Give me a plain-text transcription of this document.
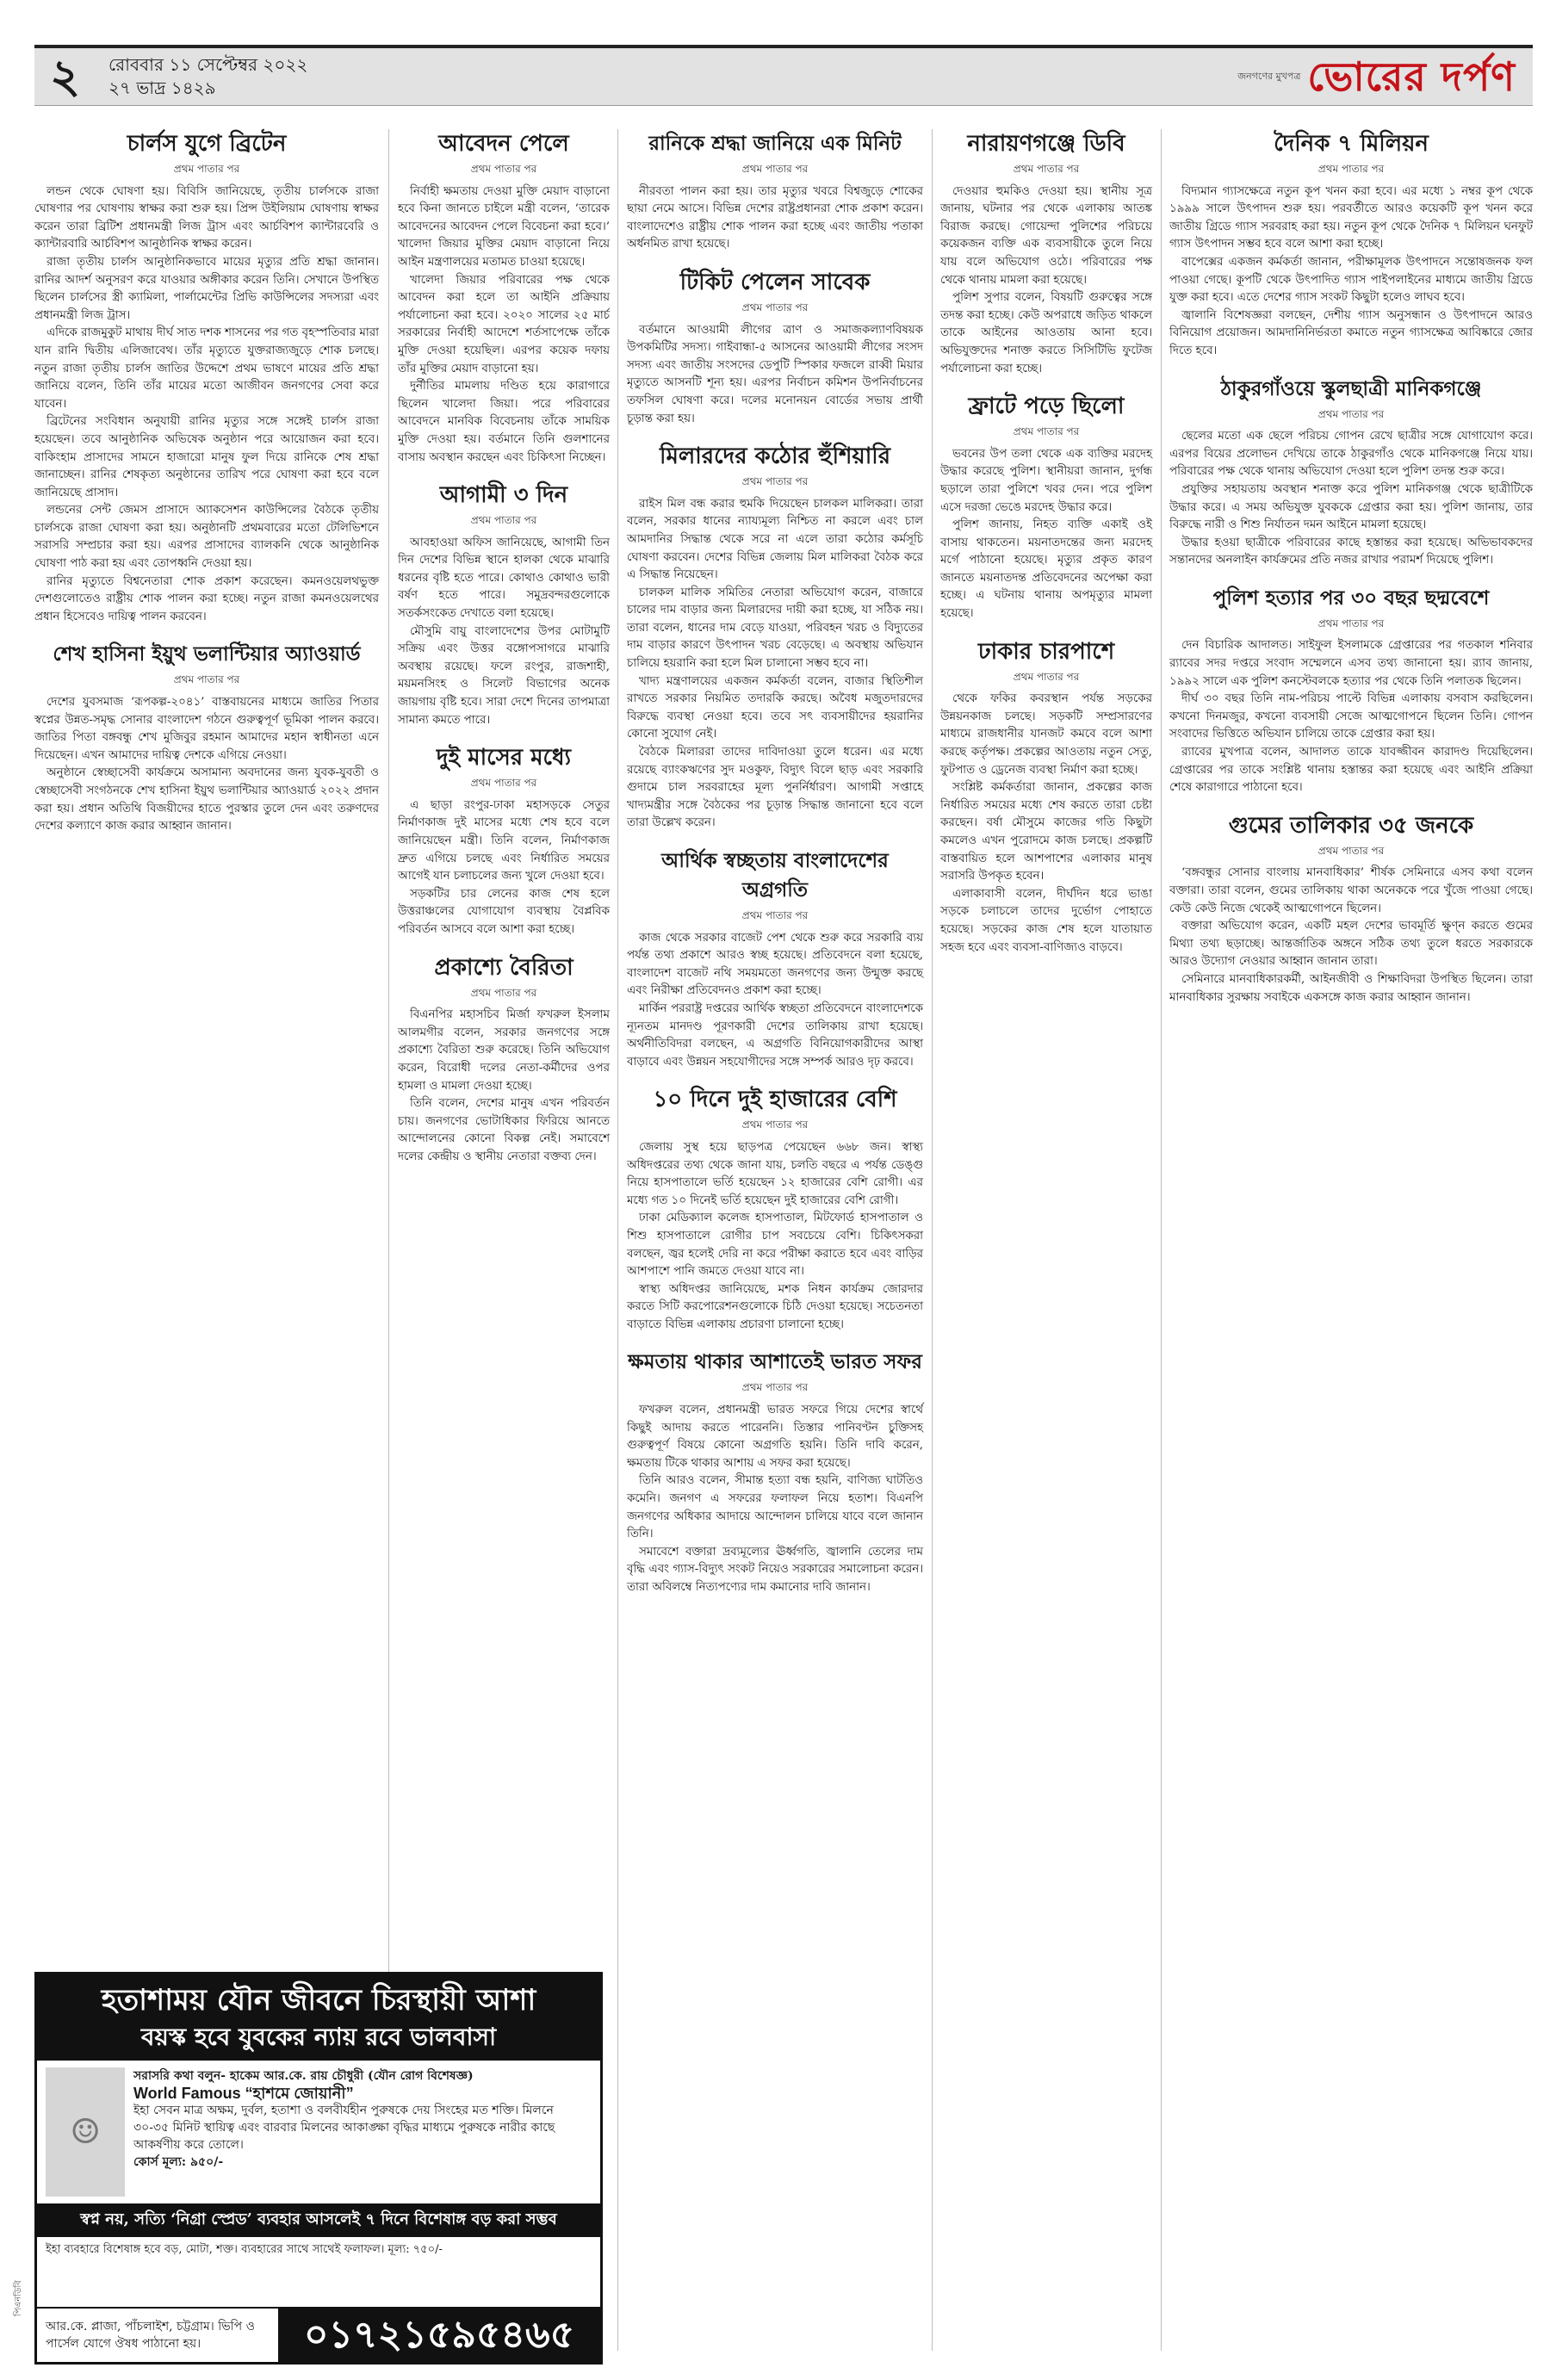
২ রোববার ১১ সেপ্টেম্বর ২০২২
২৭ ভাদ্র ১৪২৯
জনগণের মুখপত্র ভোরের দর্পণ
চার্লস যুগে ব্রিটেন
প্রথম পাতার পর

লন্ডন থেকে ঘোষণা হয়। বিবিসি জানিয়েছে, তৃতীয় চার্লসকে রাজা ঘোষণার পর ঘোষণায় স্বাক্ষর করা শুরু হয়। প্রিন্স উইলিয়াম ঘোষণায় স্বাক্ষর করেন তারা ব্রিটিশ প্রধানমন্ত্রী লিজ ট্রাস এবং আর্চবিশপ ক্যান্টারবেরি ও ক্যান্টারবারি আর্চবিশপ আনুষ্ঠানিক স্বাক্ষর করেন।

রাজা তৃতীয় চার্লস আনুষ্ঠানিকভাবে মায়ের মৃত্যুর প্রতি শ্রদ্ধা জানান। রানির আদর্শ অনুসরণ করে যাওয়ার অঙ্গীকার করেন তিনি। সেখানে উপস্থিত ছিলেন চার্লসের স্ত্রী ক্যামিলা, পার্লামেন্টের প্রিভি কাউন্সিলের সদস্যরা এবং প্রধানমন্ত্রী লিজ ট্রাস।

এদিকে রাজমুকুট মাথায় দীর্ঘ সাত দশক শাসনের পর গত বৃহস্পতিবার মারা যান রানি দ্বিতীয় এলিজাবেথ। তাঁর মৃত্যুতে যুক্তরাজ্যজুড়ে শোক চলছে। নতুন রাজা তৃতীয় চার্লস জাতির উদ্দেশে প্রথম ভাষণে মায়ের প্রতি শ্রদ্ধা জানিয়ে বলেন, তিনি তাঁর মায়ের মতো আজীবন জনগণের সেবা করে যাবেন।

ব্রিটেনের সংবিধান অনুযায়ী রানির মৃত্যুর সঙ্গে সঙ্গেই চার্লস রাজা হয়েছেন। তবে আনুষ্ঠানিক অভিষেক অনুষ্ঠান পরে আয়োজন করা হবে। বাকিংহাম প্রাসাদের সামনে হাজারো মানুষ ফুল দিয়ে রানিকে শেষ শ্রদ্ধা জানাচ্ছেন। রানির শেষকৃত্য অনুষ্ঠানের তারিখ পরে ঘোষণা করা হবে বলে জানিয়েছে প্রাসাদ।

লন্ডনের সেন্ট জেমস প্রাসাদে অ্যাকসেশন কাউন্সিলের বৈঠকে তৃতীয় চার্লসকে রাজা ঘোষণা করা হয়। অনুষ্ঠানটি প্রথমবারের মতো টেলিভিশনে সরাসরি সম্প্রচার করা হয়। এরপর প্রাসাদের ব্যালকনি থেকে আনুষ্ঠানিক ঘোষণা পাঠ করা হয় এবং তোপধ্বনি দেওয়া হয়।

রানির মৃত্যুতে বিশ্বনেতারা শোক প্রকাশ করেছেন। কমনওয়েলথভুক্ত দেশগুলোতেও রাষ্ট্রীয় শোক পালন করা হচ্ছে। নতুন রাজা কমনওয়েলথের প্রধান হিসেবেও দায়িত্ব পালন করবেন।

শেখ হাসিনা ইয়ুথ ভলান্টিয়ার অ্যাওয়ার্ড
প্রথম পাতার পর

দেশের যুবসমাজ ‘রূপকল্প-২০৪১’ বাস্তবায়নের মাধ্যমে জাতির পিতার স্বপ্নের উন্নত-সমৃদ্ধ সোনার বাংলাদেশ গঠনে গুরুত্বপূর্ণ ভূমিকা পালন করবে। জাতির পিতা বঙ্গবন্ধু শেখ মুজিবুর রহমান আমাদের মহান স্বাধীনতা এনে দিয়েছেন। এখন আমাদের দায়িত্ব দেশকে এগিয়ে নেওয়া।

অনুষ্ঠানে স্বেচ্ছাসেবী কার্যক্রমে অসামান্য অবদানের জন্য যুবক-যুবতী ও স্বেচ্ছাসেবী সংগঠনকে শেখ হাসিনা ইয়ুথ ভলান্টিয়ার অ্যাওয়ার্ড ২০২২ প্রদান করা হয়। প্রধান অতিথি বিজয়ীদের হাতে পুরস্কার তুলে দেন এবং তরুণদের দেশের কল্যাণে কাজ করার আহ্বান জানান।

আবেদন পেলে
প্রথম পাতার পর

নির্বাহী ক্ষমতায় দেওয়া মুক্তি মেয়াদ বাড়ানো হবে কিনা জানতে চাইলে মন্ত্রী বলেন, ‘তারেক আবেদনের আবেদন পেলে বিবেচনা করা হবে।’ খালেদা জিয়ার মুক্তির মেয়াদ বাড়ানো নিয়ে আইন মন্ত্রণালয়ের মতামত চাওয়া হয়েছে।

খালেদা জিয়ার পরিবারের পক্ষ থেকে আবেদন করা হলে তা আইনি প্রক্রিয়ায় পর্যালোচনা করা হবে। ২০২০ সালের ২৫ মার্চ সরকারের নির্বাহী আদেশে শর্তসাপেক্ষে তাঁকে মুক্তি দেওয়া হয়েছিল। এরপর কয়েক দফায় তাঁর মুক্তির মেয়াদ বাড়ানো হয়।

দুর্নীতির মামলায় দণ্ডিত হয়ে কারাগারে ছিলেন খালেদা জিয়া। পরে পরিবারের আবেদনে মানবিক বিবেচনায় তাঁকে সাময়িক মুক্তি দেওয়া হয়। বর্তমানে তিনি গুলশানের বাসায় অবস্থান করছেন এবং চিকিৎসা নিচ্ছেন।

আগামী ৩ দিন
প্রথম পাতার পর

আবহাওয়া অফিস জানিয়েছে, আগামী তিন দিন দেশের বিভিন্ন স্থানে হালকা থেকে মাঝারি ধরনের বৃষ্টি হতে পারে। কোথাও কোথাও ভারী বর্ষণ হতে পারে। সমুদ্রবন্দরগুলোকে সতর্কসংকেত দেখাতে বলা হয়েছে।

মৌসুমি বায়ু বাংলাদেশের উপর মোটামুটি সক্রিয় এবং উত্তর বঙ্গোপসাগরে মাঝারি অবস্থায় রয়েছে। ফলে রংপুর, রাজশাহী, ময়মনসিংহ ও সিলেট বিভাগের অনেক জায়গায় বৃষ্টি হবে। সারা দেশে দিনের তাপমাত্রা সামান্য কমতে পারে।

দুই মাসের মধ্যে
প্রথম পাতার পর

এ ছাড়া রংপুর-ঢাকা মহাসড়কে সেতুর নির্মাণকাজ দুই মাসের মধ্যে শেষ হবে বলে জানিয়েছেন মন্ত্রী। তিনি বলেন, নির্মাণকাজ দ্রুত এগিয়ে চলছে এবং নির্ধারিত সময়ের আগেই যান চলাচলের জন্য খুলে দেওয়া হবে।

সড়কটির চার লেনের কাজ শেষ হলে উত্তরাঞ্চলের যোগাযোগ ব্যবস্থায় বৈপ্লবিক পরিবর্তন আসবে বলে আশা করা হচ্ছে।

প্রকাশ্যে বৈরিতা
প্রথম পাতার পর

বিএনপির মহাসচিব মির্জা ফখরুল ইসলাম আলমগীর বলেন, সরকার জনগণের সঙ্গে প্রকাশ্যে বৈরিতা শুরু করেছে। তিনি অভিযোগ করেন, বিরোধী দলের নেতা-কর্মীদের ওপর হামলা ও মামলা দেওয়া হচ্ছে।

তিনি বলেন, দেশের মানুষ এখন পরিবর্তন চায়। জনগণের ভোটাধিকার ফিরিয়ে আনতে আন্দোলনের কোনো বিকল্প নেই। সমাবেশে দলের কেন্দ্রীয় ও স্থানীয় নেতারা বক্তব্য দেন।

রানিকে শ্রদ্ধা জানিয়ে এক মিনিট
প্রথম পাতার পর

নীরবতা পালন করা হয়। তার মৃত্যুর খবরে বিশ্বজুড়ে শোকের ছায়া নেমে আসে। বিভিন্ন দেশের রাষ্ট্রপ্রধানরা শোক প্রকাশ করেন। বাংলাদেশেও রাষ্ট্রীয় শোক পালন করা হচ্ছে এবং জাতীয় পতাকা অর্ধনমিত রাখা হয়েছে।

টিকিট পেলেন সাবেক
প্রথম পাতার পর

বর্তমানে আওয়ামী লীগের ত্রাণ ও সমাজকল্যাণবিষয়ক উপকমিটির সদস্য। গাইবান্ধা-৫ আসনের আওয়ামী লীগের সংসদ সদস্য এবং জাতীয় সংসদের ডেপুটি স্পিকার ফজলে রাব্বী মিয়ার মৃত্যুতে আসনটি শূন্য হয়। এরপর নির্বাচন কমিশন উপনির্বাচনের তফসিল ঘোষণা করে। দলের মনোনয়ন বোর্ডের সভায় প্রার্থী চূড়ান্ত করা হয়।

মিলারদের কঠোর হুঁশিয়ারি
প্রথম পাতার পর

রাইস মিল বন্ধ করার হুমকি দিয়েছেন চালকল মালিকরা। তারা বলেন, সরকার ধানের ন্যায্যমূল্য নিশ্চিত না করলে এবং চাল আমদানির সিদ্ধান্ত থেকে সরে না এলে তারা কঠোর কর্মসূচি ঘোষণা করবেন। দেশের বিভিন্ন জেলায় মিল মালিকরা বৈঠক করে এ সিদ্ধান্ত নিয়েছেন।

চালকল মালিক সমিতির নেতারা অভিযোগ করেন, বাজারে চালের দাম বাড়ার জন্য মিলারদের দায়ী করা হচ্ছে, যা সঠিক নয়। তারা বলেন, ধানের দাম বেড়ে যাওয়া, পরিবহন খরচ ও বিদ্যুতের দাম বাড়ার কারণে উৎপাদন খরচ বেড়েছে। এ অবস্থায় অভিযান চালিয়ে হয়রানি করা হলে মিল চালানো সম্ভব হবে না।

খাদ্য মন্ত্রণালয়ের একজন কর্মকর্তা বলেন, বাজার স্থিতিশীল রাখতে সরকার নিয়মিত তদারকি করছে। অবৈধ মজুতদারদের বিরুদ্ধে ব্যবস্থা নেওয়া হবে। তবে সৎ ব্যবসায়ীদের হয়রানির কোনো সুযোগ নেই।

বৈঠকে মিলাররা তাদের দাবিদাওয়া তুলে ধরেন। এর মধ্যে রয়েছে ব্যাংকঋণের সুদ মওকুফ, বিদ্যুৎ বিলে ছাড় এবং সরকারি গুদামে চাল সরবরাহের মূল্য পুনর্নির্ধারণ। আগামী সপ্তাহে খাদ্যমন্ত্রীর সঙ্গে বৈঠকের পর চূড়ান্ত সিদ্ধান্ত জানানো হবে বলে তারা উল্লেখ করেন।

আর্থিক স্বচ্ছতায় বাংলাদেশের অগ্রগতি
প্রথম পাতার পর

কাজ থেকে সরকার বাজেট পেশ থেকে শুরু করে সরকারি ব্যয় পর্যন্ত তথ্য প্রকাশে আরও স্বচ্ছ হয়েছে। প্রতিবেদনে বলা হয়েছে, বাংলাদেশ বাজেট নথি সময়মতো জনগণের জন্য উন্মুক্ত করছে এবং নিরীক্ষা প্রতিবেদনও প্রকাশ করা হচ্ছে।

মার্কিন পররাষ্ট্র দপ্তরের আর্থিক স্বচ্ছতা প্রতিবেদনে বাংলাদেশকে ন্যূনতম মানদণ্ড পূরণকারী দেশের তালিকায় রাখা হয়েছে। অর্থনীতিবিদরা বলছেন, এ অগ্রগতি বিনিয়োগকারীদের আস্থা বাড়াবে এবং উন্নয়ন সহযোগীদের সঙ্গে সম্পর্ক আরও দৃঢ় করবে।

১০ দিনে দুই হাজারের বেশি
প্রথম পাতার পর

জেলায় সুস্থ হয়ে ছাড়পত্র পেয়েছেন ৬৬৮ জন। স্বাস্থ্য অধিদপ্তরের তথ্য থেকে জানা যায়, চলতি বছরে এ পর্যন্ত ডেঙ্গু নিয়ে হাসপাতালে ভর্তি হয়েছেন ১২ হাজারের বেশি রোগী। এর মধ্যে গত ১০ দিনেই ভর্তি হয়েছেন দুই হাজারের বেশি রোগী।

ঢাকা মেডিক্যাল কলেজ হাসপাতাল, মিটফোর্ড হাসপাতাল ও শিশু হাসপাতালে রোগীর চাপ সবচেয়ে বেশি। চিকিৎসকরা বলছেন, জ্বর হলেই দেরি না করে পরীক্ষা করাতে হবে এবং বাড়ির আশপাশে পানি জমতে দেওয়া যাবে না।

স্বাস্থ্য অধিদপ্তর জানিয়েছে, মশক নিধন কার্যক্রম জোরদার করতে সিটি করপোরেশনগুলোকে চিঠি দেওয়া হয়েছে। সচেতনতা বাড়াতে বিভিন্ন এলাকায় প্রচারণা চালানো হচ্ছে।

ক্ষমতায় থাকার আশাতেই ভারত সফর
প্রথম পাতার পর

ফখরুল বলেন, প্রধানমন্ত্রী ভারত সফরে গিয়ে দেশের স্বার্থে কিছুই আদায় করতে পারেননি। তিস্তার পানিবণ্টন চুক্তিসহ গুরুত্বপূর্ণ বিষয়ে কোনো অগ্রগতি হয়নি। তিনি দাবি করেন, ক্ষমতায় টিকে থাকার আশায় এ সফর করা হয়েছে।

তিনি আরও বলেন, সীমান্ত হত্যা বন্ধ হয়নি, বাণিজ্য ঘাটতিও কমেনি। জনগণ এ সফরের ফলাফল নিয়ে হতাশ। বিএনপি জনগণের অধিকার আদায়ে আন্দোলন চালিয়ে যাবে বলে জানান তিনি।

সমাবেশে বক্তারা দ্রব্যমূল্যের ঊর্ধ্বগতি, জ্বালানি তেলের দাম বৃদ্ধি এবং গ্যাস-বিদ্যুৎ সংকট নিয়েও সরকারের সমালোচনা করেন। তারা অবিলম্বে নিত্যপণ্যের দাম কমানোর দাবি জানান।

নারায়ণগঞ্জে ডিবি
প্রথম পাতার পর

দেওয়ার হুমকিও দেওয়া হয়। স্থানীয় সূত্র জানায়, ঘটনার পর থেকে এলাকায় আতঙ্ক বিরাজ করছে। গোয়েন্দা পুলিশের পরিচয়ে কয়েকজন ব্যক্তি এক ব্যবসায়ীকে তুলে নিয়ে যায় বলে অভিযোগ ওঠে। পরিবারের পক্ষ থেকে থানায় মামলা করা হয়েছে।

পুলিশ সুপার বলেন, বিষয়টি গুরুত্বের সঙ্গে তদন্ত করা হচ্ছে। কেউ অপরাধে জড়িত থাকলে তাকে আইনের আওতায় আনা হবে। অভিযুক্তদের শনাক্ত করতে সিসিটিভি ফুটেজ পর্যালোচনা করা হচ্ছে।

ফ্রাটে পড়ে ছিলো
প্রথম পাতার পর

ভবনের উপ তলা থেকে এক ব্যক্তির মরদেহ উদ্ধার করেছে পুলিশ। স্থানীয়রা জানান, দুর্গন্ধ ছড়ালে তারা পুলিশে খবর দেন। পরে পুলিশ এসে দরজা ভেঙে মরদেহ উদ্ধার করে।

পুলিশ জানায়, নিহত ব্যক্তি একাই ওই বাসায় থাকতেন। ময়নাতদন্তের জন্য মরদেহ মর্গে পাঠানো হয়েছে। মৃত্যুর প্রকৃত কারণ জানতে ময়নাতদন্ত প্রতিবেদনের অপেক্ষা করা হচ্ছে। এ ঘটনায় থানায় অপমৃত্যুর মামলা হয়েছে।

ঢাকার চারপাশে
প্রথম পাতার পর

থেকে ফকির কবরস্থান পর্যন্ত সড়কের উন্নয়নকাজ চলছে। সড়কটি সম্প্রসারণের মাধ্যমে রাজধানীর যানজট কমবে বলে আশা করছে কর্তৃপক্ষ। প্রকল্পের আওতায় নতুন সেতু, ফুটপাত ও ড্রেনেজ ব্যবস্থা নির্মাণ করা হচ্ছে।

সংশ্লিষ্ট কর্মকর্তারা জানান, প্রকল্পের কাজ নির্ধারিত সময়ের মধ্যে শেষ করতে তারা চেষ্টা করছেন। বর্ষা মৌসুমে কাজের গতি কিছুটা কমলেও এখন পুরোদমে কাজ চলছে। প্রকল্পটি বাস্তবায়িত হলে আশপাশের এলাকার মানুষ সরাসরি উপকৃত হবেন।

এলাকাবাসী বলেন, দীর্ঘদিন ধরে ভাঙা সড়কে চলাচলে তাদের দুর্ভোগ পোহাতে হয়েছে। সড়কের কাজ শেষ হলে যাতায়াত সহজ হবে এবং ব্যবসা-বাণিজ্যও বাড়বে।

দৈনিক ৭ মিলিয়ন
প্রথম পাতার পর

বিদ্যমান গ্যাসক্ষেত্রে নতুন কূপ খনন করা হবে। এর মধ্যে ১ নম্বর কূপ থেকে ১৯৯৯ সালে উৎপাদন শুরু হয়। পরবর্তীতে আরও কয়েকটি কূপ খনন করে জাতীয় গ্রিডে গ্যাস সরবরাহ করা হয়। নতুন কূপ থেকে দৈনিক ৭ মিলিয়ন ঘনফুট গ্যাস উৎপাদন সম্ভব হবে বলে আশা করা হচ্ছে।

বাপেক্সের একজন কর্মকর্তা জানান, পরীক্ষামূলক উৎপাদনে সন্তোষজনক ফল পাওয়া গেছে। কূপটি থেকে উৎপাদিত গ্যাস পাইপলাইনের মাধ্যমে জাতীয় গ্রিডে যুক্ত করা হবে। এতে দেশের গ্যাস সংকট কিছুটা হলেও লাঘব হবে।

জ্বালানি বিশেষজ্ঞরা বলছেন, দেশীয় গ্যাস অনুসন্ধান ও উৎপাদনে আরও বিনিয়োগ প্রয়োজন। আমদানিনির্ভরতা কমাতে নতুন গ্যাসক্ষেত্র আবিষ্কারে জোর দিতে হবে।

ঠাকুরগাঁওয়ে স্কুলছাত্রী মানিকগঞ্জে
প্রথম পাতার পর

ছেলের মতো এক ছেলে পরিচয় গোপন রেখে ছাত্রীর সঙ্গে যোগাযোগ করে। এরপর বিয়ের প্রলোভন দেখিয়ে তাকে ঠাকুরগাঁও থেকে মানিকগঞ্জে নিয়ে যায়। পরিবারের পক্ষ থেকে থানায় অভিযোগ দেওয়া হলে পুলিশ তদন্ত শুরু করে।

প্রযুক্তির সহায়তায় অবস্থান শনাক্ত করে পুলিশ মানিকগঞ্জ থেকে ছাত্রীটিকে উদ্ধার করে। এ সময় অভিযুক্ত যুবককে গ্রেপ্তার করা হয়। পুলিশ জানায়, তার বিরুদ্ধে নারী ও শিশু নির্যাতন দমন আইনে মামলা হয়েছে।

উদ্ধার হওয়া ছাত্রীকে পরিবারের কাছে হস্তান্তর করা হয়েছে। অভিভাবকদের সন্তানদের অনলাইন কার্যক্রমের প্রতি নজর রাখার পরামর্শ দিয়েছে পুলিশ।

পুলিশ হত্যার পর ৩০ বছর ছদ্মবেশে
প্রথম পাতার পর

দেন বিচারিক আদালত। সাইফুল ইসলামকে গ্রেপ্তারের পর গতকাল শনিবার র‌্যাবের সদর দপ্তরে সংবাদ সম্মেলনে এসব তথ্য জানানো হয়। র‌্যাব জানায়, ১৯৯২ সালে এক পুলিশ কনস্টেবলকে হত্যার পর থেকে তিনি পলাতক ছিলেন।

দীর্ঘ ৩০ বছর তিনি নাম-পরিচয় পাল্টে বিভিন্ন এলাকায় বসবাস করছিলেন। কখনো দিনমজুর, কখনো ব্যবসায়ী সেজে আত্মগোপনে ছিলেন তিনি। গোপন সংবাদের ভিত্তিতে অভিযান চালিয়ে তাকে গ্রেপ্তার করা হয়।

র‌্যাবের মুখপাত্র বলেন, আদালত তাকে যাবজ্জীবন কারাদণ্ড দিয়েছিলেন। গ্রেপ্তারের পর তাকে সংশ্লিষ্ট থানায় হস্তান্তর করা হয়েছে এবং আইনি প্রক্রিয়া শেষে কারাগারে পাঠানো হবে।

গুমের তালিকার ৩৫ জনকে
প্রথম পাতার পর

‘বঙ্গবন্ধুর সোনার বাংলায় মানবাধিকার’ শীর্ষক সেমিনারে এসব কথা বলেন বক্তারা। তারা বলেন, গুমের তালিকায় থাকা অনেককে পরে খুঁজে পাওয়া গেছে। কেউ কেউ নিজে থেকেই আত্মগোপনে ছিলেন।

বক্তারা অভিযোগ করেন, একটি মহল দেশের ভাবমূর্তি ক্ষুণ্ন করতে গুমের মিথ্যা তথ্য ছড়াচ্ছে। আন্তর্জাতিক অঙ্গনে সঠিক তথ্য তুলে ধরতে সরকারকে আরও উদ্যোগ নেওয়ার আহ্বান জানান তারা।

সেমিনারে মানবাধিকারকর্মী, আইনজীবী ও শিক্ষাবিদরা উপস্থিত ছিলেন। তারা মানবাধিকার সুরক্ষায় সবাইকে একসঙ্গে কাজ করার আহ্বান জানান।

হতাশাময় যৌন জীবনে চিরস্থায়ী আশা
বয়স্ক হবে যুবকের ন্যায় রবে ভালবাসা
☺
সরাসরি কথা বলুন- হাকেম আর.কে. রায় চৌধুরী (যৌন রোগ বিশেষজ্ঞ)
World Famous “হাশমে জোয়ানী”
ইহা সেবন মাত্র অক্ষম, দুর্বল, হতাশা ও বলবীর্যহীন পুরুষকে দেয় সিংহের মত শক্তি। মিলনে ৩০-৩৫ মিনিট স্থায়িত্ব এবং বারবার মিলনের আকাঙ্ক্ষা বৃদ্ধির মাধ্যমে পুরুষকে নারীর কাছে আকর্ষণীয় করে তোলে।
কোর্স মূল্য: ৯৫০/-
স্বপ্ন নয়, সত্যি ‘নিগ্রা স্প্রেড’ ব্যবহার আসলেই ৭ দিনে বিশেষাঙ্গ বড় করা সম্ভব
ইহা ব্যবহারে বিশেষাঙ্গ হবে বড়, মোটা, শক্ত। ব্যবহারের সাথে সাথেই ফলাফল। মূল্য: ৭৫০/-
আর.কে. প্লাজা, পাঁচলাইশ, চট্টগ্রাম। ভিপি ও পার্সেল যোগে ঔষধ পাঠানো হয়।	০১৭২১৫৯৫৪৬৫
পিএনডিবি
